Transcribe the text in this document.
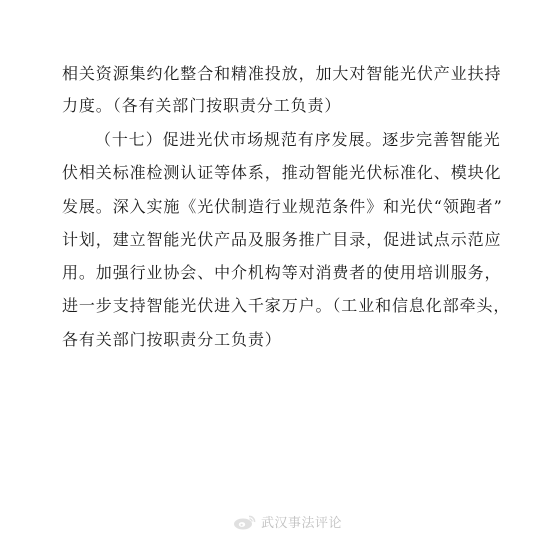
相关资源集约化整合和精准投放，加大对智能光伏产业扶持
力度。（各有关部门按职责分工负责）
（十七）促进光伏市场规范有序发展。逐步完善智能光
伏相关标准检测认证等体系，推动智能光伏标准化、模块化
发展。深入实施《光伏制造行业规范条件》和光伏“领跑者”
计划，建立智能光伏产品及服务推广目录，促进试点示范应
用。加强行业协会、中介机构等对消费者的使用培训服务，
进一步支持智能光伏进入千家万户。（工业和信息化部牵头，
各有关部门按职责分工负责）
武汉事法评论
